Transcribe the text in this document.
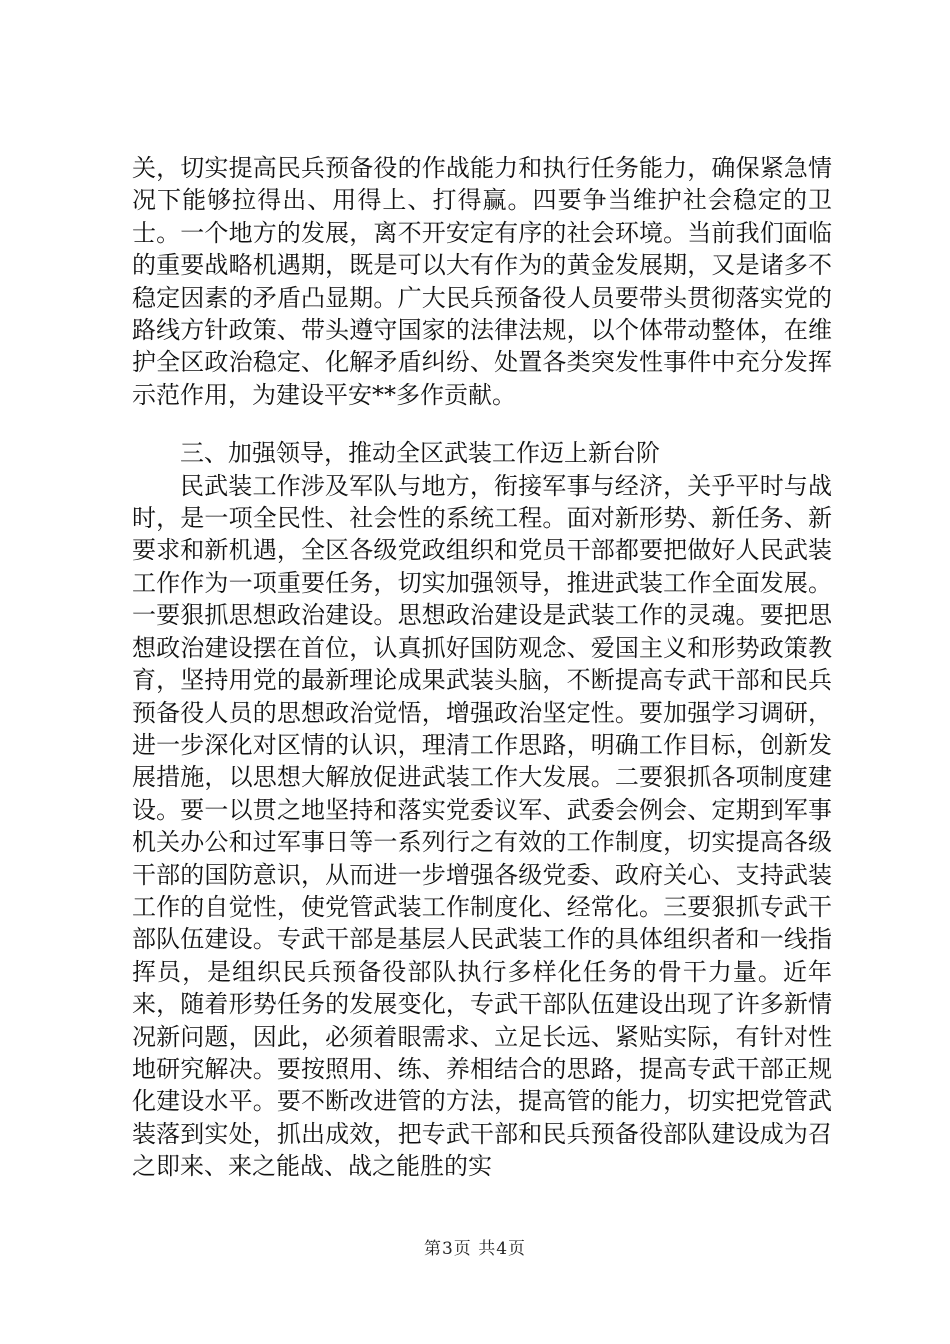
关，切实提高民兵预备役的作战能力和执行任务能力，确保紧急情况下能够拉得出、用得上、打得赢。四要争当维护社会稳定的卫士。一个地方的发展，离不开安定有序的社会环境。当前我们面临的重要战略机遇期，既是可以大有作为的黄金发展期，又是诸多不稳定因素的矛盾凸显期。广大民兵预备役人员要带头贯彻落实党的路线方针政策、带头遵守国家的法律法规，以个体带动整体，在维护全区政治稳定、化解矛盾纠纷、处置各类突发性事件中充分发挥示范作用，为建设平安**多作贡献。

三、加强领导，推动全区武装工作迈上新台阶

民武装工作涉及军队与地方，衔接军事与经济，关乎平时与战时，是一项全民性、社会性的系统工程。面对新形势、新任务、新要求和新机遇，全区各级党政组织和党员干部都要把做好人民武装工作作为一项重要任务，切实加强领导，推进武装工作全面发展。一要狠抓思想政治建设。思想政治建设是武装工作的灵魂。要把思想政治建设摆在首位，认真抓好国防观念、爱国主义和形势政策教育，坚持用党的最新理论成果武装头脑，不断提高专武干部和民兵预备役人员的思想政治觉悟，增强政治坚定性。要加强学习调研，进一步深化对区情的认识，理清工作思路，明确工作目标，创新发展措施，以思想大解放促进武装工作大发展。二要狠抓各项制度建设。要一以贯之地坚持和落实党委议军、武委会例会、定期到军事机关办公和过军事日等一系列行之有效的工作制度，切实提高各级干部的国防意识，从而进一步增强各级党委、政府关心、支持武装工作的自觉性，使党管武装工作制度化、经常化。三要狠抓专武干部队伍建设。专武干部是基层人民武装工作的具体组织者和一线指挥员，是组织民兵预备役部队执行多样化任务的骨干力量。近年来，随着形势任务的发展变化，专武干部队伍建设出现了许多新情况新问题，因此，必须着眼需求、立足长远、紧贴实际，有针对性地研究解决。要按照用、练、养相结合的思路，提高专武干部正规化建设水平。要不断改进管的方法，提高管的能力，切实把党管武装落到实处，抓出成效，把专武干部和民兵预备役部队建设成为召之即来、来之能战、战之能胜的实

第3页 共4页
